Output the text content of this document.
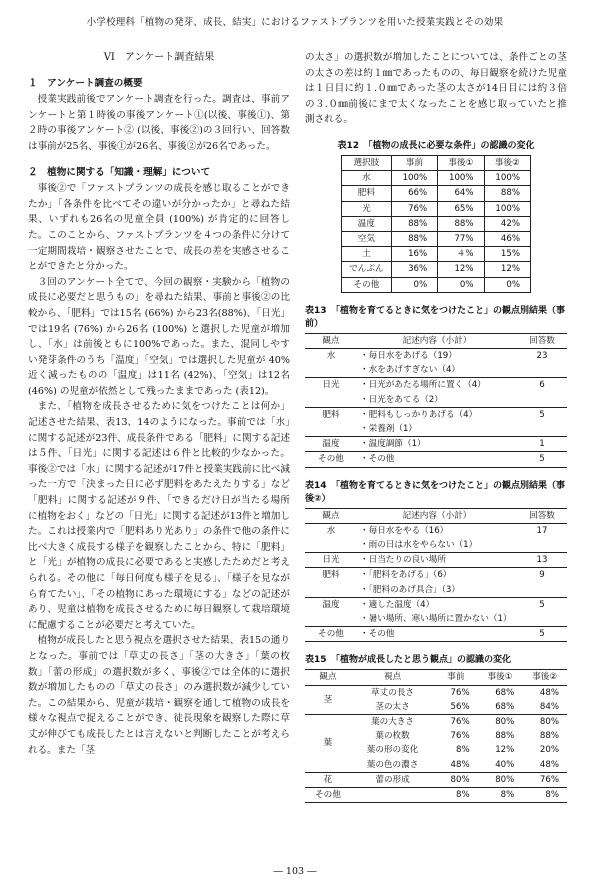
小学校理科「植物の発芽、成長、結実」におけるファストプランツを用いた授業実践とその効果
VI　アンケート調査結果
１　アンケート調査の概要

授業実践前後でアンケート調査を行った。調査は、事前アンケートと第１時後の事後アンケート①(以後、事後①)、第２時の事後アンケート② (以後、事後②)の３回行い、回答数は事前が25名、事後①が26名、事後②が26名であった。

２　植物に関する「知識・理解」について

事後②で「ファストプランツの成長を感じ取ることができたか」「各条件を比べてその違いが分かったか」と尋ねた結果、いずれも26名の児童全員 (100%) が肯定的に回答した。このことから、ファストプランツを４つの条件に分けて一定期間栽培・観察させたことで、成長の差を実感させることができたと分かった。

３回のアンケート全てで、今回の観察・実験から「植物の成長に必要だと思うもの」を尋ねた結果、事前と事後②の比較から、「肥料」では15名 (66%) から23名(88%)、「日光」では19名 (76%) から26名 (100%) と選択した児童が増加し、「水」は前後ともに100%であった。また、混同しやすい発芽条件のうち「温度」「空気」では選択した児童が 40%近く減ったものの「温度」は11名 (42%)、「空気」は12名 (46%) の児童が依然として残ったままであった (表12)。

また、「植物を成長させるために気をつけたことは何か」記述させた結果、表13、14のようになった。事前では「水」に関する記述が23件、成長条件である「肥料」に関する記述は５件、「日光」に関する記述は６件と比較的少なかった。事後②では「水」に関する記述が17件と授業実践前に比べ減った一方で「決まった日に必ず肥料をあたえたりする」など「肥料」に関する記述が９件、「できるだけ日が当たる場所に植物をおく」などの「日光」に関する記述が13件と増加した。これは授業内で「肥料あり光あり」の条件で他の条件に比べ大きく成長する様子を観察したことから、特に「肥料」と「光」が植物の成長に必要であると実感したためだと考えられる。その他に「毎日何度も様子を見る」、「様子を見ながら育てたい」、「その植物にあった環境にする」などの記述があり、児童は植物を成長させるために毎日観察して栽培環境に配慮することが必要だと考えていた。

植物が成長したと思う視点を選択させた結果、表15の通りとなった。事前では「草丈の長さ」「茎の大きさ」「葉の枚数」「蕾の形成」の選択数が多く、事後②では全体的に選択数が増加したものの「草丈の長さ」のみ選択数が減少していた。この結果から、児童が栽培・観察を通して植物の成長を様々な視点で捉えることができ、徒長現象を観察した際に草丈が伸びても成長したとは言えないと判断したことが考えられる。また「茎

の太さ」の選択数が増加したことについては、条件ごとの茎の太さの差は約１㎜であったものの、毎日観察を続けた児童は１日目に約１.０㎜であった茎の太さが14日目には約３倍の３.０㎜前後にまで太くなったことを感じ取っていたと推測される。

表12　「植物の成長に必要な条件」の認識の変化
選択肢	事前	事後①	事後②
水	100%	100%	100%
肥料	66%	64%	88%
光	76%	65%	100%
温度	88%	88%	42%
空気	88%	77%	46%
土	16%	４%	15%
でんぷん	36%	12%	12%
その他	0%	0%	0%
表13　「植物を育てるときに気をつけたこと」の観点別結果（事前）
観点	記述内容（小計）	回答数
水	・毎日水をあげる（19）	23
	・水をあげすぎない（4）	
日光	・日光があたる場所に置く（4）	6
	・日光をあてる（2）	
肥料	・肥料もしっかりあげる（4）	5
	・栄養剤（1）	
温度	・温度調節（1）	1
その他	・その他	5
表14　「植物を育てるときに気をつけたこと」の観点別結果（事後②）
観点	記述内容（小計）	回答数
水	・毎日水をやる（16）	17
	・雨の日は水をやらない（1）	
日光	・日当たりの良い場所	13
肥料	・「肥料をあげる」（6）	9
	・「肥料のあげ具合」（3）	
温度	・適した温度（4）	5
	・暑い場所、寒い場所に置かない（1）	
その他	・その他	5
表15　「植物が成長したと思う観点」の認識の変化
観点	視点	事前	事後①	事後②
茎	草丈の長さ	76%	68%	48%
	茎の太さ	56%	68%	84%
葉	葉の大きさ	76%	80%	80%
	葉の枚数	76%	88%	88%
	葉の形の変化	8%	12%	20%
	葉の色の濃さ	48%	40%	48%
花	蕾の形成	80%	80%	76%
その他		8%	8%	8%
― 103 ―
